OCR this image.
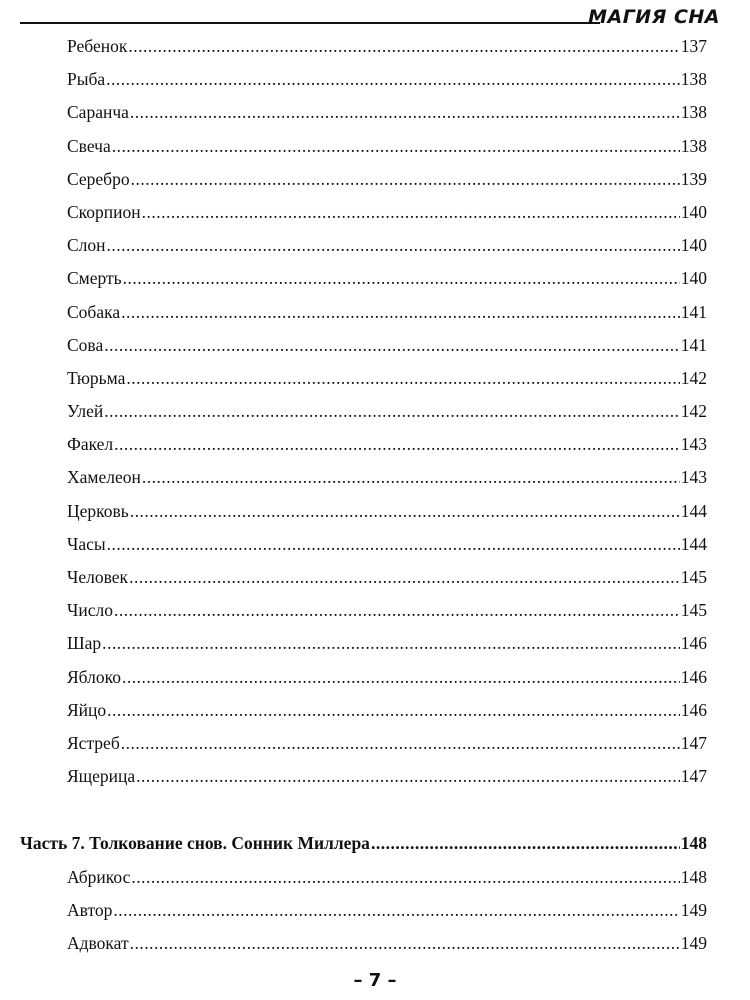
МАГИЯ СНА
Ребенок .....	137
Рыба .....	138
Саранча .....	138
Свеча .....	138
Серебро .....	139
Скорпион .....	140
Слон .....	140
Смерть .....	140
Собака .....	141
Сова .....	141
Тюрьма .....	142
Улей .....	142
Факел .....	143
Хамелеон .....	143
Церковь .....	144
Часы .....	144
Человек .....	145
Число .....	145
Шар .....	146
Яблоко .....	146
Яйцо .....	146
Ястреб .....	147
Ящерица .....	147
Часть 7. Толкование снов. Сонник Миллера .....	148
Абрикос .....	148
Автор .....	149
Адвокат .....	149
– 7 –
